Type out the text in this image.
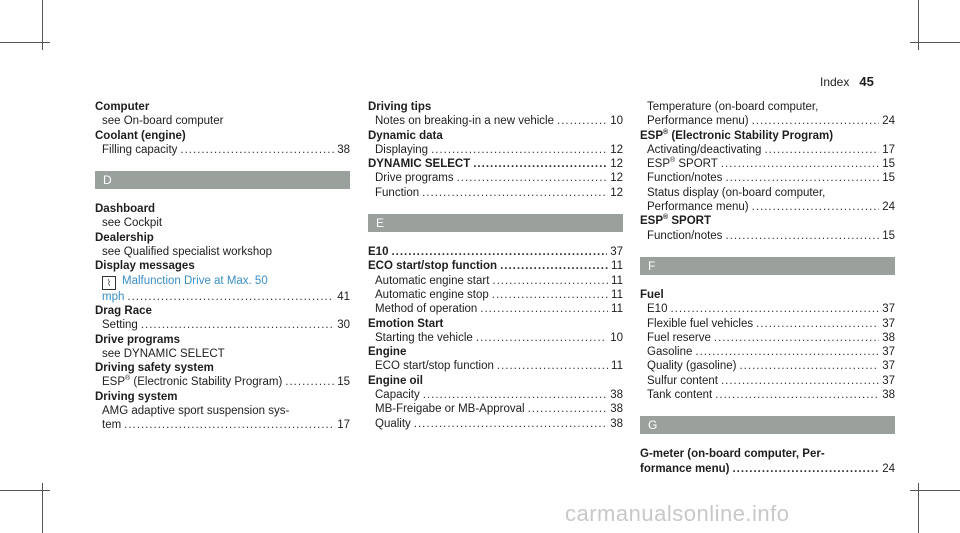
Index 45
Computer
see On-board computer
Coolant (engine)
Filling capacity .....	38
D
Dashboard
see Cockpit
Dealership
see Qualified specialist workshop
Display messages
⌇ Malfunction Drive at Max. 50
mph .....	41
Drag Race
Setting .....	30
Drive programs
see DYNAMIC SELECT
Driving safety system
ESP® (Electronic Stability Program) .....	15
Driving system
AMG adaptive sport suspension sys-
tem .....	17
Driving tips
Notes on breaking-in a new vehicle .....	10
Dynamic data
Displaying .....	12
DYNAMIC SELECT .....	12
Drive programs .....	12
Function .....	12
E
E10 .....	37
ECO start/stop function .....	11
Automatic engine start .....	11
Automatic engine stop .....	11
Method of operation .....	11
Emotion Start
Starting the vehicle .....	10
Engine
ECO start/stop function .....	11
Engine oil
Capacity .....	38
MB-Freigabe or MB-Approval .....	38
Quality .....	38
Temperature (on-board computer,
Performance menu) .....	24
ESP® (Electronic Stability Program)
Activating/deactivating .....	17
ESP® SPORT .....	15
Function/notes .....	15
Status display (on-board computer,
Performance menu) .....	24
ESP® SPORT
Function/notes .....	15
F
Fuel
E10 .....	37
Flexible fuel vehicles .....	37
Fuel reserve .....	38
Gasoline .....	37
Quality (gasoline) .....	37
Sulfur content .....	37
Tank content .....	38
G
G-meter (on-board computer, Per-
formance menu) .....	24
carmanualsonline.info
